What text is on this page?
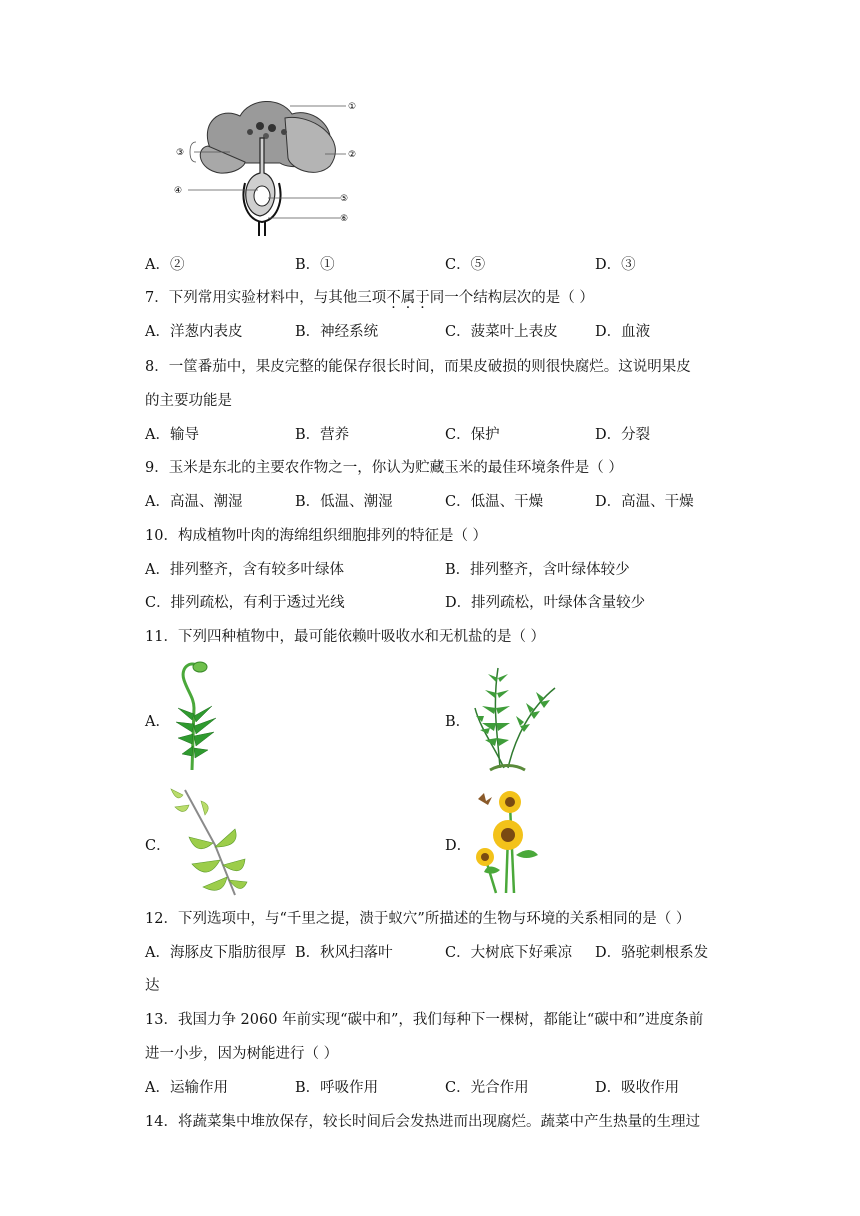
①
②
③
④
⑤
⑥
A．②	B．①	C．⑤	D．③
7．下列常用实验材料中，与其他三项不属于同一个结构层次的是（ ）
A．洋葱内表皮	B．神经系统	C．菠菜叶上表皮	D．血液
8．一筐番茄中，果皮完整的能保存很长时间，而果皮破损的则很快腐烂。这说明果皮
的主要功能是
A．输导	B．营养	C．保护	D．分裂
9．玉米是东北的主要农作物之一，你认为贮藏玉米的最佳环境条件是（ ）
A．高温、潮湿	B．低温、潮湿	C．低温、干燥	D．高温、干燥
10．构成植物叶肉的海绵组织细胞排列的特征是（ ）
A．排列整齐，含有较多叶绿体	B．排列整齐，含叶绿体较少
C．排列疏松，有利于透过光线	D．排列疏松，叶绿体含量较少
11．下列四种植物中，最可能依赖叶吸收水和无机盐的是（ ）
A．	B．
C．	D．
12．下列选项中，与“千里之提，溃于蚁穴”所描述的生物与环境的关系相同的是（ ）
A．海豚皮下脂肪很厚 B．秋风扫落叶	C．大树底下好乘凉 D．骆驼刺根系发
达
13．我国力争 2060 年前实现“碳中和”，我们每种下一棵树，都能让“碳中和”进度条前
进一小步，因为树能进行（ ）
A．运输作用	B．呼吸作用	C．光合作用	D．吸收作用
14．将蔬菜集中堆放保存，较长时间后会发热进而出现腐烂。蔬菜中产生热量的生理过
